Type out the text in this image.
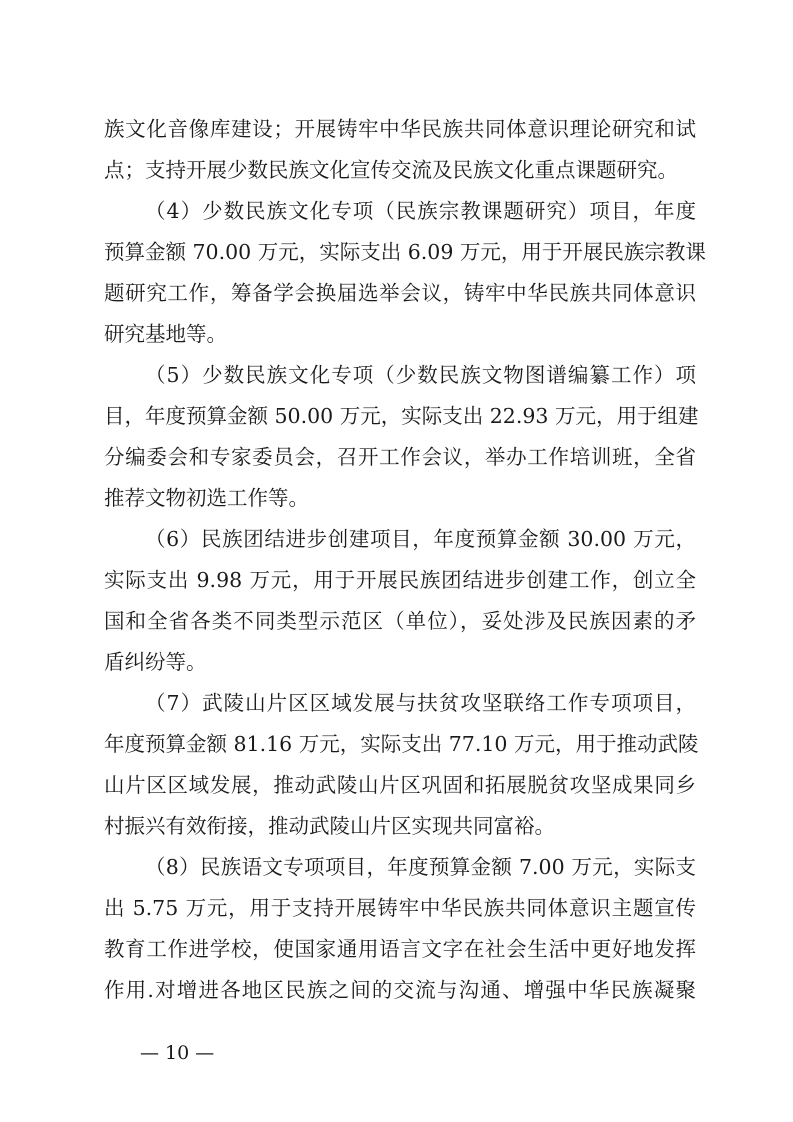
族文化音像库建设；开展铸牢中华民族共同体意识理论研究和试
点；支持开展少数民族文化宣传交流及民族文化重点课题研究。
（4）少数民族文化专项（民族宗教课题研究）项目，年度
预算金额 70.00 万元，实际支出 6.09 万元，用于开展民族宗教课
题研究工作，筹备学会换届选举会议，铸牢中华民族共同体意识
研究基地等。
（5）少数民族文化专项（少数民族文物图谱编纂工作）项
目，年度预算金额 50.00 万元，实际支出 22.93 万元，用于组建
分编委会和专家委员会，召开工作会议，举办工作培训班，全省
推荐文物初选工作等。
（6）民族团结进步创建项目，年度预算金额 30.00 万元，
实际支出 9.98 万元，用于开展民族团结进步创建工作，创立全
国和全省各类不同类型示范区（单位），妥处涉及民族因素的矛
盾纠纷等。
（7）武陵山片区区域发展与扶贫攻坚联络工作专项项目，
年度预算金额 81.16 万元，实际支出 77.10 万元，用于推动武陵
山片区区域发展，推动武陵山片区巩固和拓展脱贫攻坚成果同乡
村振兴有效衔接，推动武陵山片区实现共同富裕。
（8）民族语文专项项目，年度预算金额 7.00 万元，实际支
出 5.75 万元，用于支持开展铸牢中华民族共同体意识主题宣传
教育工作进学校，使国家通用语言文字在社会生活中更好地发挥
作用.对增进各地区民族之间的交流与沟通、增强中华民族凝聚
— 10 —
